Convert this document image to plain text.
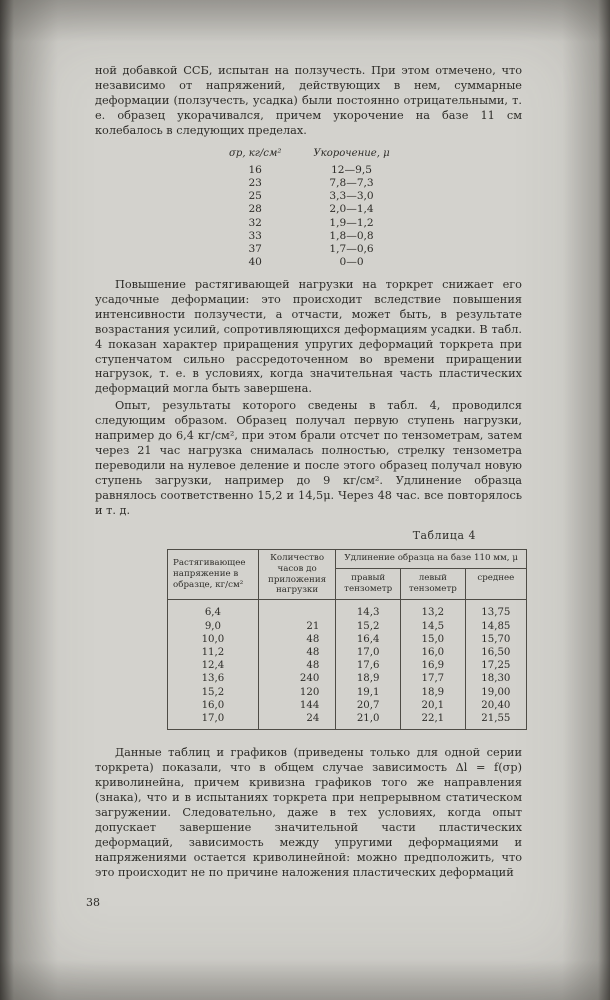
ной добавкой ССБ, испытан на ползучесть. При этом отмечено, что независимо от напряжений, действующих в нем, суммарные деформации (ползучесть, усадка) были постоянно отрицательными, т. е. образец укорачивался, причем укорочение на базе 11 см колебалось в следующих пределах.

σp, кг/см²	Укорочение, μ
16	12—9,5
23	7,8—7,3
25	3,3—3,0
28	2,0—1,4
32	1,9—1,2
33	1,8—0,8
37	1,7—0,6
40	0—0

Повышение растягивающей нагрузки на торкрет снижает его усадочные деформации: это происходит вследствие повышения интенсивности ползучести, а отчасти, может быть, в результате возрастания усилий, сопротивляющихся деформациям усадки. В табл. 4 показан характер приращения упругих деформаций торкрета при ступенчатом сильно рассредоточенном во времени приращении нагрузок, т. е. в условиях, когда значительная часть пластических деформаций могла быть завершена.

Опыт, результаты которого сведены в табл. 4, проводился следующим образом. Образец получал первую ступень нагрузки, например до 6,4 кг/см², при этом брали отсчет по тензометрам, затем через 21 час нагрузка снималась полностью, стрелку тензометра переводили на нулевое деление и после этого образец получал новую ступень загрузки, например до 9 кг/см². Удлинение образца равнялось соответственно 15,2 и 14,5μ. Через 48 час. все повторялось и т. д.

Таблица 4
Растягивающее напряжение в образце, кг/см²	Количество часов до приложения нагрузки	Удлинение образца на базе 110 мм, μ		
		правый тензометр	левый тензометр	среднее
6,4		14,3	13,2	13,75
9,0	21	15,2	14,5	14,85
10,0	48	16,4	15,0	15,70
11,2	48	17,0	16,0	16,50
12,4	48	17,6	16,9	17,25
13,6	240	18,9	17,7	18,30
15,2	120	19,1	18,9	19,00
16,0	144	20,7	20,1	20,40
17,0	24	21,0	22,1	21,55

Данные таблиц и графиков (приведены только для одной серии торкрета) показали, что в общем случае зависимость Δl = f(σp) криволинейна, причем кривизна графиков того же направления (знака), что и в испытаниях торкрета при непрерывном статическом загружении. Следовательно, даже в тех условиях, когда опыт допускает завершение значительной части пластических деформаций, зависимость между упругими деформациями и напряжениями остается криволинейной: можно предположить, что это происходит не по причине наложения пластических деформаций

38
